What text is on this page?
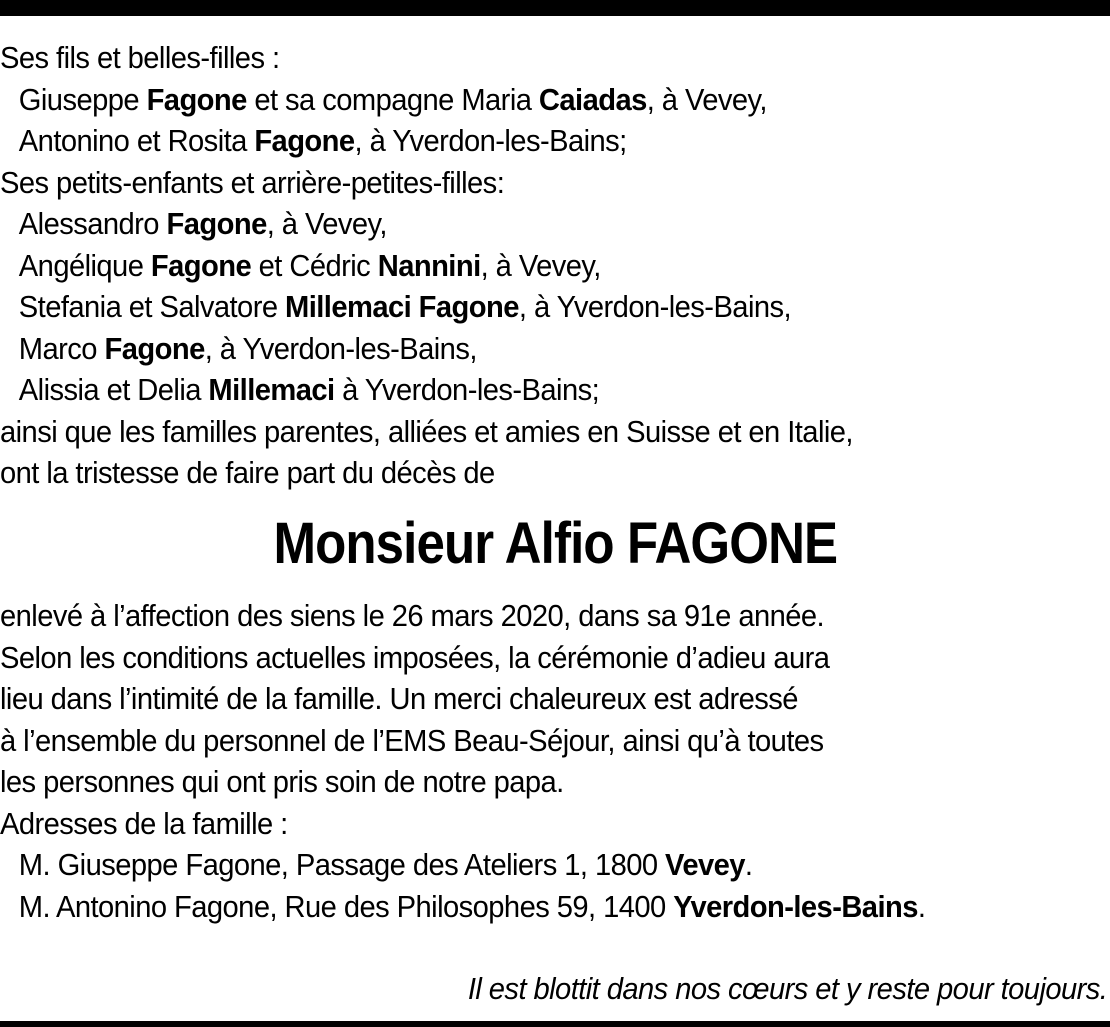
Ses fils et belles-filles :
Giuseppe Fagone et sa compagne Maria Caiadas, à Vevey,
Antonino et Rosita Fagone, à Yverdon-les-Bains;
Ses petits-enfants et arrière-petites-filles:
Alessandro Fagone, à Vevey,
Angélique Fagone et Cédric Nannini, à Vevey,
Stefania et Salvatore Millemaci Fagone, à Yverdon-les-Bains,
Marco Fagone, à Yverdon-les-Bains,
Alissia et Delia Millemaci à Yverdon-les-Bains;
ainsi que les familles parentes, alliées et amies en Suisse et en Italie,
ont la tristesse de faire part du décès de
Monsieur Alfio FAGONE
enlevé à l’affection des siens le 26 mars 2020, dans sa 91e année.
Selon les conditions actuelles imposées, la cérémonie d’adieu aura
lieu dans l’intimité de la famille. Un merci chaleureux est adressé
à l’ensemble du personnel de l’EMS Beau-Séjour, ainsi qu’à toutes
les personnes qui ont pris soin de notre papa.
Adresses de la famille :
M. Giuseppe Fagone, Passage des Ateliers 1, 1800 Vevey.
M. Antonino Fagone, Rue des Philosophes 59, 1400 Yverdon-les-Bains.
Il est blottit dans nos cœurs et y reste pour toujours.
